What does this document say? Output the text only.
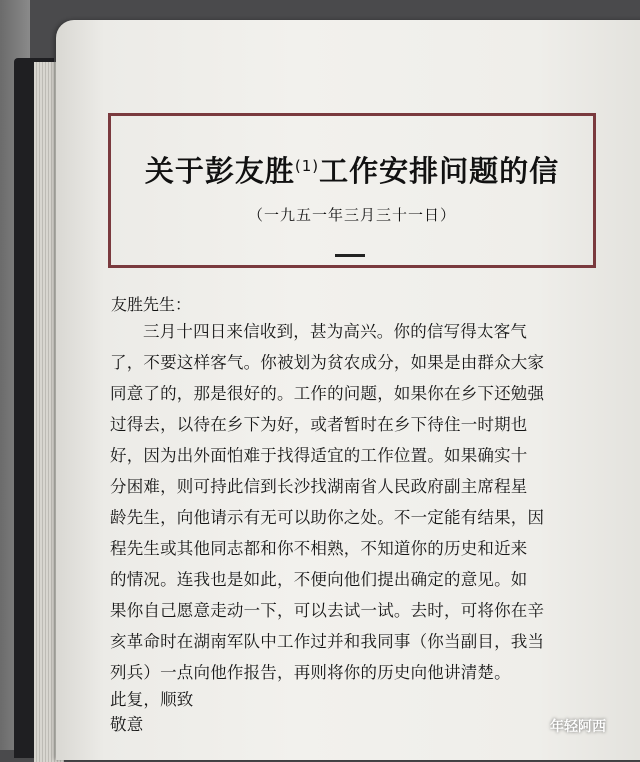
关于彭友胜$^{(1)}$工作安排问题的信
（一九五一年三月三十一日）
友胜先生：
三月十四日来信收到，甚为高兴。你的信写得太客气
了，不要这样客气。你被划为贫农成分，如果是由群众大家
同意了的，那是很好的。工作的问题，如果你在乡下还勉强
过得去，以待在乡下为好，或者暂时在乡下待住一时期也
好，因为出外面怕难于找得适宜的工作位置。如果确实十
分困难，则可持此信到长沙找湖南省人民政府副主席程星
龄先生，向他请示有无可以助你之处。不一定能有结果，因
程先生或其他同志都和你不相熟，不知道你的历史和近来
的情况。连我也是如此，不便向他们提出确定的意见。如
果你自己愿意走动一下，可以去试一试。去时，可将你在辛
亥革命时在湖南军队中工作过并和我同事（你当副目，我当
列兵）一点向他作报告，再则将你的历史向他讲清楚。
此复，顺致
敬意	年轻阿西
